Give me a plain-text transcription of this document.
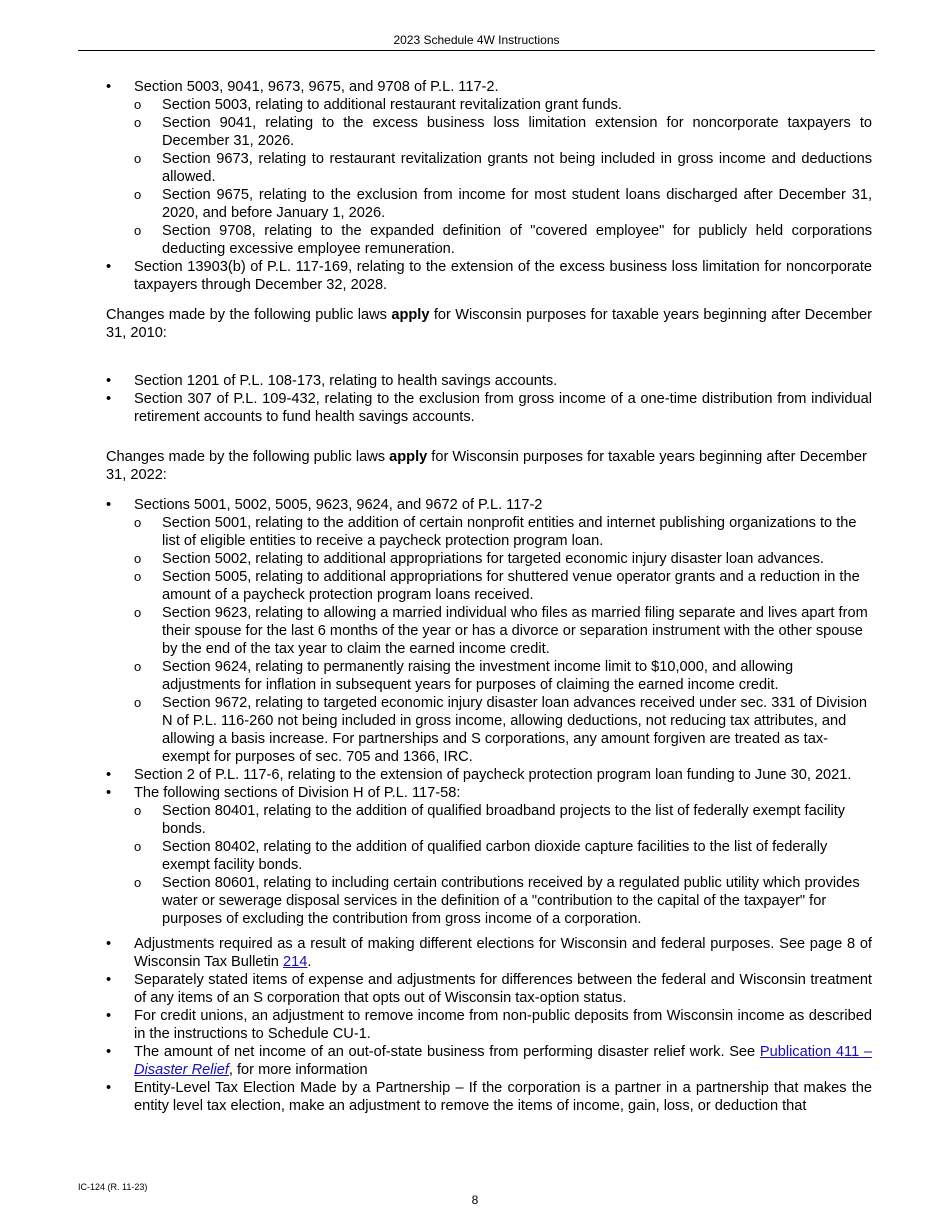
2023 Schedule 4W Instructions
•	Section 5003, 9041, 9673, 9675, and 9708 of P.L. 117-2.
o Section 5003, relating to additional restaurant revitalization grant funds.
o Section 9041, relating to the excess business loss limitation extension for noncorporate taxpayers to December 31, 2026.
o Section 9673, relating to restaurant revitalization grants not being included in gross income and deductions allowed.
o Section 9675, relating to the exclusion from income for most student loans discharged after December 31, 2020, and before January 1, 2026.
o Section 9708, relating to the expanded definition of "covered employee" for publicly held corporations deducting excessive employee remuneration.
•	Section 13903(b) of P.L. 117-169, relating to the extension of the excess business loss limitation for noncorporate taxpayers through December 32, 2028.

Changes made by the following public laws apply for Wisconsin purposes for taxable years beginning after December 31, 2010:

•	Section 1201 of P.L. 108-173, relating to health savings accounts.
•	Section 307 of P.L. 109-432, relating to the exclusion from gross income of a one-time distribution from individual retirement accounts to fund health savings accounts.

Changes made by the following public laws apply for Wisconsin purposes for taxable years beginning after December 31, 2022:

•	Sections 5001, 5002, 5005, 9623, 9624, and 9672 of P.L. 117-2
o Section 5001, relating to the addition of certain nonprofit entities and internet publishing organizations to the list of eligible entities to receive a paycheck protection program loan.
o Section 5002, relating to additional appropriations for targeted economic injury disaster loan advances.
o Section 5005, relating to additional appropriations for shuttered venue operator grants and a reduction in the amount of a paycheck protection program loans received.
o Section 9623, relating to allowing a married individual who files as married filing separate and lives apart from their spouse for the last 6 months of the year or has a divorce or separation instrument with the other spouse by the end of the tax year to claim the earned income credit.
o Section 9624, relating to permanently raising the investment income limit to $10,000, and allowing adjustments for inflation in subsequent years for purposes of claiming the earned income credit.
o Section 9672, relating to targeted economic injury disaster loan advances received under sec. 331 of Division N of P.L. 116-260 not being included in gross income, allowing deductions, not reducing tax attributes, and allowing a basis increase. For partnerships and S corporations, any amount forgiven are treated as tax-exempt for purposes of sec. 705 and 1366, IRC.
•	Section 2 of P.L. 117-6, relating to the extension of paycheck protection program loan funding to June 30, 2021.
•	The following sections of Division H of P.L. 117-58:
o Section 80401, relating to the addition of qualified broadband projects to the list of federally exempt facility bonds.
o Section 80402, relating to the addition of qualified carbon dioxide capture facilities to the list of federally exempt facility bonds.
o Section 80601, relating to including certain contributions received by a regulated public utility which provides water or sewerage disposal services in the definition of a "contribution to the capital of the taxpayer" for purposes of excluding the contribution from gross income of a corporation.
•	Adjustments required as a result of making different elections for Wisconsin and federal purposes. See page 8 of Wisconsin Tax Bulletin 214.
•	Separately stated items of expense and adjustments for differences between the federal and Wisconsin treatment of any items of an S corporation that opts out of Wisconsin tax-option status.
•	For credit unions, an adjustment to remove income from non-public deposits from Wisconsin income as described in the instructions to Schedule CU-1.
•	The amount of net income of an out-of-state business from performing disaster relief work. See Publication 411 – Disaster Relief, for more information
•	Entity-Level Tax Election Made by a Partnership – If the corporation is a partner in a partnership that makes the entity level tax election, make an adjustment to remove the items of income, gain, loss, or deduction that
IC-124 (R. 11-23)
8
